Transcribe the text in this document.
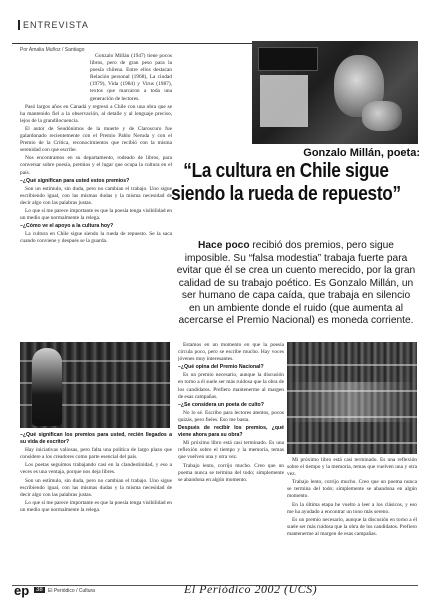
ENTREVISTA
Por Amalia Muñoz / Santiago
Gonzalo Millán, poeta:
“La cultura en Chile sigue siendo la rueda de repuesto”
Hace poco recibió dos premios, pero sigue imposible. Su “falsa modestia” trabaja fuerte para evitar que él se crea un cuento merecido, por la gran calidad de su trabajo poético. Es Gonzalo Millán, un ser humano de capa caída, que trabaja en silencio en un ambiente donde el ruido (que aumenta al acercarse el Premio Nacional) es moneda corriente.

Gonzalo Millán (1947) tiene pocos libros, pero de gran peso para la poesía chilena. Entre ellos destacan Relación personal (1968), La ciudad (1979), Vida (1984) y Virus (1987), textos que marcaron a toda una generación de lectores.

Pasó largos años en Canadá y regresó a Chile con una obra que se ha mantenido fiel a la observación, al detalle y al lenguaje preciso, lejos de la grandilocuencia.

El autor de Seudónimos de la muerte y de Claroscuro fue galardonado recientemente con el Premio Pablo Neruda y con el Premio de la Crítica, reconocimientos que recibió con la misma serenidad con que escribe.

Nos encontramos en su departamento, rodeado de libros, para conversar sobre poesía, premios y el lugar que ocupa la cultura en el país.

–¿Qué significan para usted estos premios?

Son un estímulo, sin duda, pero no cambian el trabajo. Uno sigue escribiendo igual, con las mismas dudas y la misma necesidad de decir algo con las palabras justas.

Lo que sí me parece importante es que la poesía tenga visibilidad en un medio que normalmente la relega.

–¿Cómo ve el apoyo a la cultura hoy?

La cultura en Chile sigue siendo la rueda de repuesto. Se la saca cuando conviene y después se la guarda.

–¿Qué significan los premios para usted, recién llegados a su vida de escritor?

Hay iniciativas valiosas, pero falta una política de largo plazo que considere a los creadores como parte esencial del país.

Los poetas seguimos trabajando casi en la clandestinidad, y eso a veces es una ventaja, porque nos deja libres.

Son un estímulo, sin duda, pero no cambian el trabajo. Uno sigue escribiendo igual, con las mismas dudas y la misma necesidad de decir algo con las palabras justas.

Lo que sí me parece importante es que la poesía tenga visibilidad en un medio que normalmente la relega.

Estamos en un momento en que la poesía circula poco, pero se escribe mucho. Hay voces jóvenes muy interesantes.

–¿Qué opina del Premio Nacional?

Es un premio necesario, aunque la discusión en torno a él suele ser más ruidosa que la obra de los candidatos. Prefiero mantenerme al margen de esas campañas.

–¿Se considera un poeta de culto?

No lo sé. Escribo para lectores atentos, pocos quizás, pero fieles. Eso me basta.

Después de recibir los premios, ¿qué viene ahora para su obra?

Mi próximo libro está casi terminado. Es una reflexión sobre el tiempo y la memoria, temas que vuelven una y otra vez.

Trabajo lento, corrijo mucho. Creo que un poema nunca se termina del todo; simplemente se abandona en algún momento.

Mi próximo libro está casi terminado. Es una reflexión sobre el tiempo y la memoria, temas que vuelven una y otra vez.

Trabajo lento, corrijo mucho. Creo que un poema nunca se termina del todo; simplemente se abandona en algún momento.

En la última etapa he vuelto a leer a los clásicos, y eso me ha ayudado a encontrar un tono más sereno.

Es un premio necesario, aunque la discusión en torno a él suele ser más ruidosa que la obra de los candidatos. Prefiero mantenerme al margen de esas campañas.

ep	38	El Periódico / Cultura	El Periódico 2002 (UCS)
